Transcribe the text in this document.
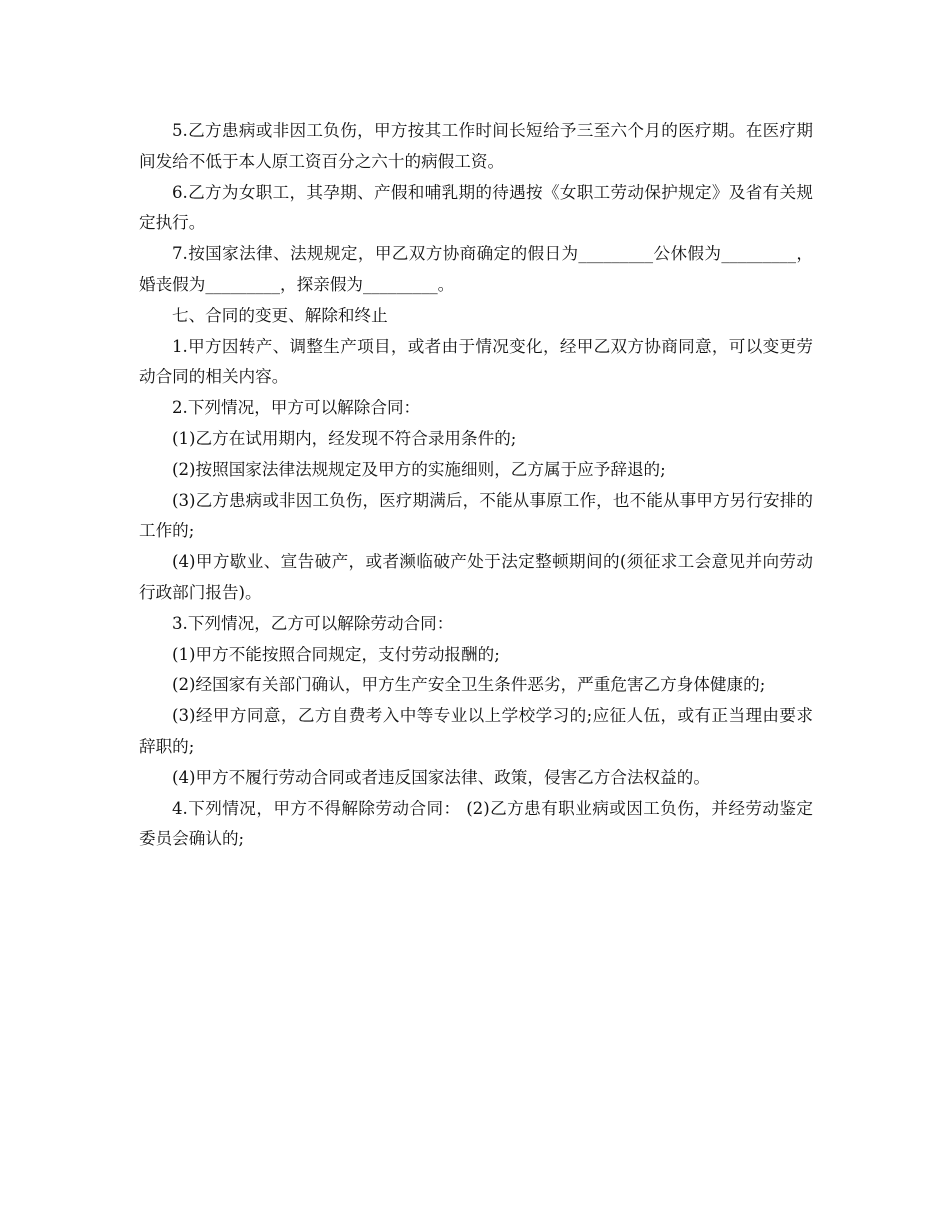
5.乙方患病或非因工负伤，甲方按其工作时间长短给予三至六个月的医疗期。在医疗期间发给不低于本人原工资百分之六十的病假工资。

6.乙方为女职工，其孕期、产假和哺乳期的待遇按《女职工劳动保护规定》及省有关规定执行。

7.按国家法律、法规规定，甲乙双方协商确定的假日为_________公休假为_________，婚丧假为_________，探亲假为_________。

七、合同的变更、解除和终止

1.甲方因转产、调整生产项目，或者由于情况变化，经甲乙双方协商同意，可以变更劳动合同的相关内容。

2.下列情况，甲方可以解除合同：

(1)乙方在试用期内，经发现不符合录用条件的;

(2)按照国家法律法规规定及甲方的实施细则，乙方属于应予辞退的;

(3)乙方患病或非因工负伤，医疗期满后，不能从事原工作，也不能从事甲方另行安排的工作的;

(4)甲方歇业、宣告破产，或者濒临破产处于法定整顿期间的(须征求工会意见并向劳动行政部门报告)。

3.下列情况，乙方可以解除劳动合同：

(1)甲方不能按照合同规定，支付劳动报酬的;

(2)经国家有关部门确认，甲方生产安全卫生条件恶劣，严重危害乙方身体健康的;

(3)经甲方同意，乙方自费考入中等专业以上学校学习的;应征人伍，或有正当理由要求辞职的;

(4)甲方不履行劳动合同或者违反国家法律、政策，侵害乙方合法权益的。

4.下列情况，甲方不得解除劳动合同： (2)乙方患有职业病或因工负伤，并经劳动鉴定委员会确认的;
